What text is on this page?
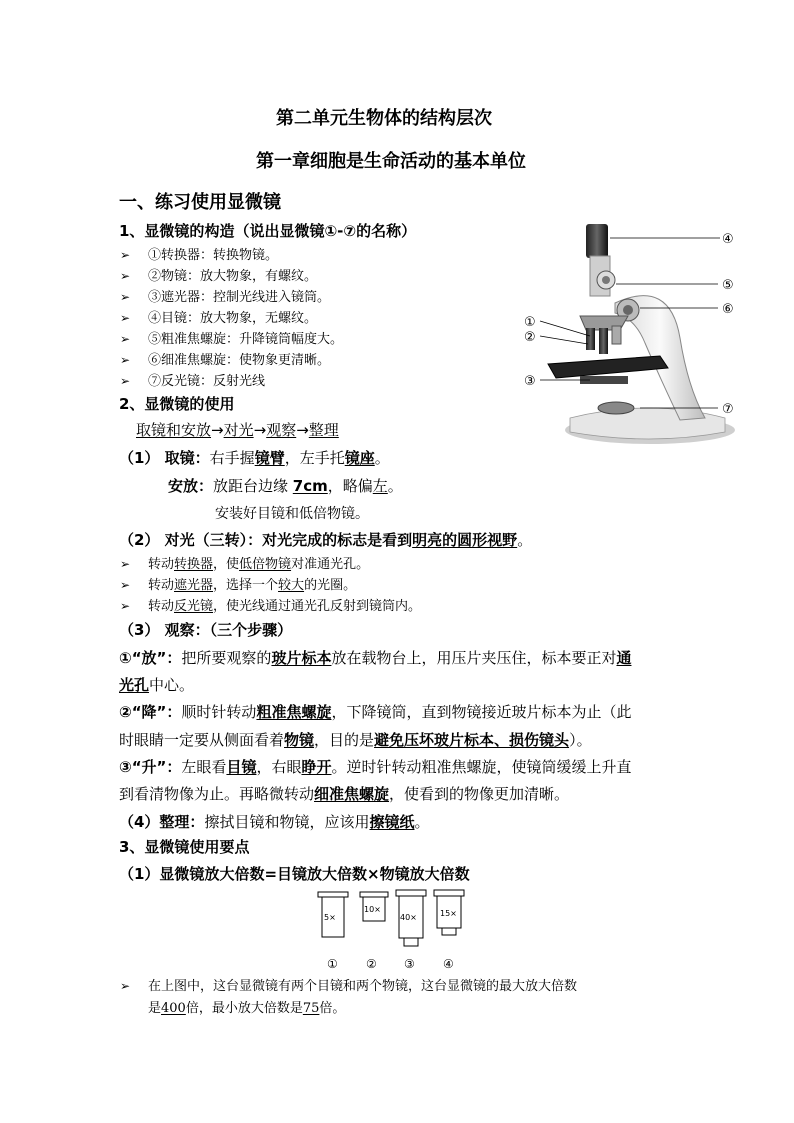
第二单元生物体的结构层次
第一章细胞是生命活动的基本单位
一、练习使用显微镜
1、显微镜的构造（说出显微镜①-⑦的名称）
➢ ①转换器：转换物镜。
➢ ②物镜：放大物象，有螺纹。
➢ ③遮光器：控制光线进入镜筒。
➢ ④目镜：放大物象，无螺纹。
➢ ⑤粗准焦螺旋：升降镜筒幅度大。
➢ ⑥细准焦螺旋：使物象更清晰。
➢ ⑦反光镜：反射光线
④
⑤
⑥
①
②
③
⑦
2、显微镜的使用
取镜和安放→对光→观察→整理
（1） 取镜：右手握镜臂，左手托镜座。
安放：放距台边缘 7cm，略偏左。
安装好目镜和低倍物镜。
（2） 对光（三转）：对光完成的标志是看到明亮的圆形视野。
➢ 转动转换器，使低倍物镜对准通光孔。
➢ 转动遮光器，选择一个较大的光圈。
➢ 转动反光镜，使光线通过通光孔反射到镜筒内。
（3） 观察：（三个步骤）
①“放”：把所要观察的玻片标本放在载物台上，用压片夹压住，标本要正对通
光孔中心。
②“降”：顺时针转动粗准焦螺旋，下降镜筒，直到物镜接近玻片标本为止（此
时眼睛一定要从侧面看着物镜，目的是避免压坏玻片标本、损伤镜头）。
③“升”：左眼看目镜，右眼睁开。逆时针转动粗准焦螺旋，使镜筒缓缓上升直
到看清物像为止。再略微转动细准焦螺旋，使看到的物像更加清晰。
（4）整理：擦拭目镜和物镜，应该用擦镜纸。
3、显微镜使用要点
（1）显微镜放大倍数=目镜放大倍数×物镜放大倍数
5×
10×
40×	15×
① ② ③ ④
➢ 在上图中，这台显微镜有两个目镜和两个物镜，这台显微镜的最大放大倍数
是400倍，最小放大倍数是75倍。
